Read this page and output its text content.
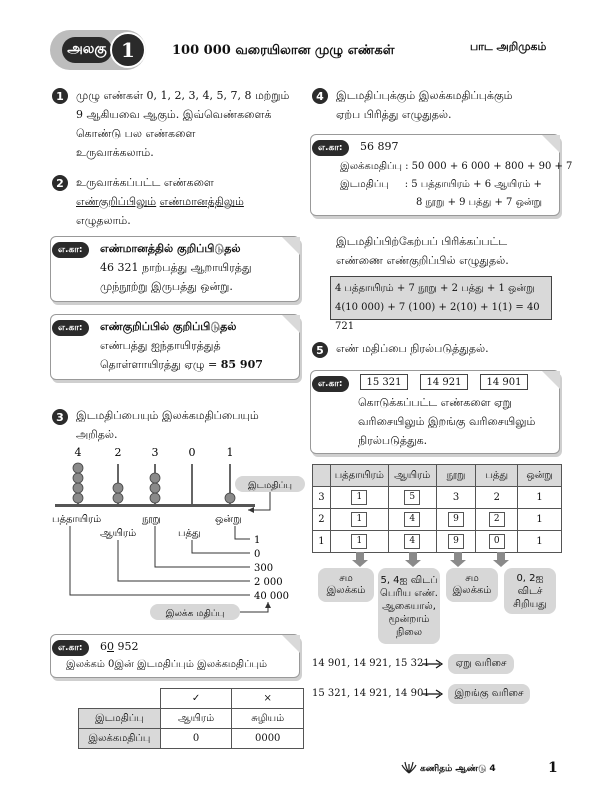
அலகு 1	100 000 வரையிலான முழு எண்கள்	பாட அறிமுகம்
1	முழு எண்கள் 0, 1, 2, 3, 4, 5, 7, 8 மற்றும்
9 ஆகியவை ஆகும். இவ்வெண்களைக்
கொண்டு பல எண்களை
உருவாக்கலாம்.
2	உருவாக்கப்பட்ட எண்களை
எண்குறிப்பிலும் எண்மானத்திலும்
எழுதலாம்.
எ.கா:	எண்மானத்தில் குறிப்பிடுதல்
46 321 நாற்பத்து ஆறாயிரத்து
முந்நூற்று இருபத்து ஒன்று.
எ.கா:	எண்குறிப்பில் குறிப்பிடுதல்
எண்பத்து ஐந்தாயிரத்துத்
தொள்ளாயிரத்து ஏழு = 85 907
3	இடமதிப்பையும் இலக்கமதிப்பையும்
அறிதல்.
4	2	3	0	1
இடமதிப்பு
பத்தாயிரம்
ஆயிரம்
நூறு
பத்து
ஒன்று
1
0
300
2 000
40 000
இலக்க மதிப்பு
எ.கா:	60 952
இலக்கம் 0இன் இடமதிப்பும் இலக்கமதிப்பும்
	✓	×
இடமதிப்பு	ஆயிரம்	சுழியம்
இலக்கமதிப்பு	0	0000
4	இடமதிப்புக்கும் இலக்கமதிப்புக்கும்
ஏற்ப பிரித்து எழுதுதல்.
எ.கா:	56 897
இலக்கமதிப்பு : 50 000 + 6 000 + 800 + 90 + 7
இடமதிப்பு     : 5 பத்தாயிரம் + 6 ஆயிரம் +
8 நூறு + 9 பத்து + 7 ஒன்று
இடமதிப்பிற்கேற்பப் பிரிக்கப்பட்ட
எண்ணை எண்குறிப்பில் எழுதுதல்.
4 பத்தாயிரம் + 7 நூறு + 2 பத்து + 1 ஒன்று
4(10 000) + 7 (100) + 2(10) + 1(1) = 40 721
5	எண் மதிப்பை நிரல்படுத்துதல்.
எ.கா:	15 321	14 921	14 901
கொடுக்கப்பட்ட எண்களை ஏறு
வரிசையிலும் இறங்கு வரிசையிலும்
நிரல்படுத்துக.
	பத்தாயிரம்	ஆயிரம்	நூறு	பத்து	ஒன்று
3	1	5	3	2	1
2	1	4	9	2	1
1	1	4	9	0	1
சம
இலக்கம்
5, 4ஐ விடப்
பெரிய எண்.
ஆகையால்,
மூன்றாம்
நிலை
சம
இலக்கம்
0, 2ஐ
விடச்
சிறியது
14 901, 14 921, 15 321	ஏறு வரிசை
15 321, 14 921, 14 901	இறங்கு வரிசை
கணிதம் ஆண்டு 4	1
